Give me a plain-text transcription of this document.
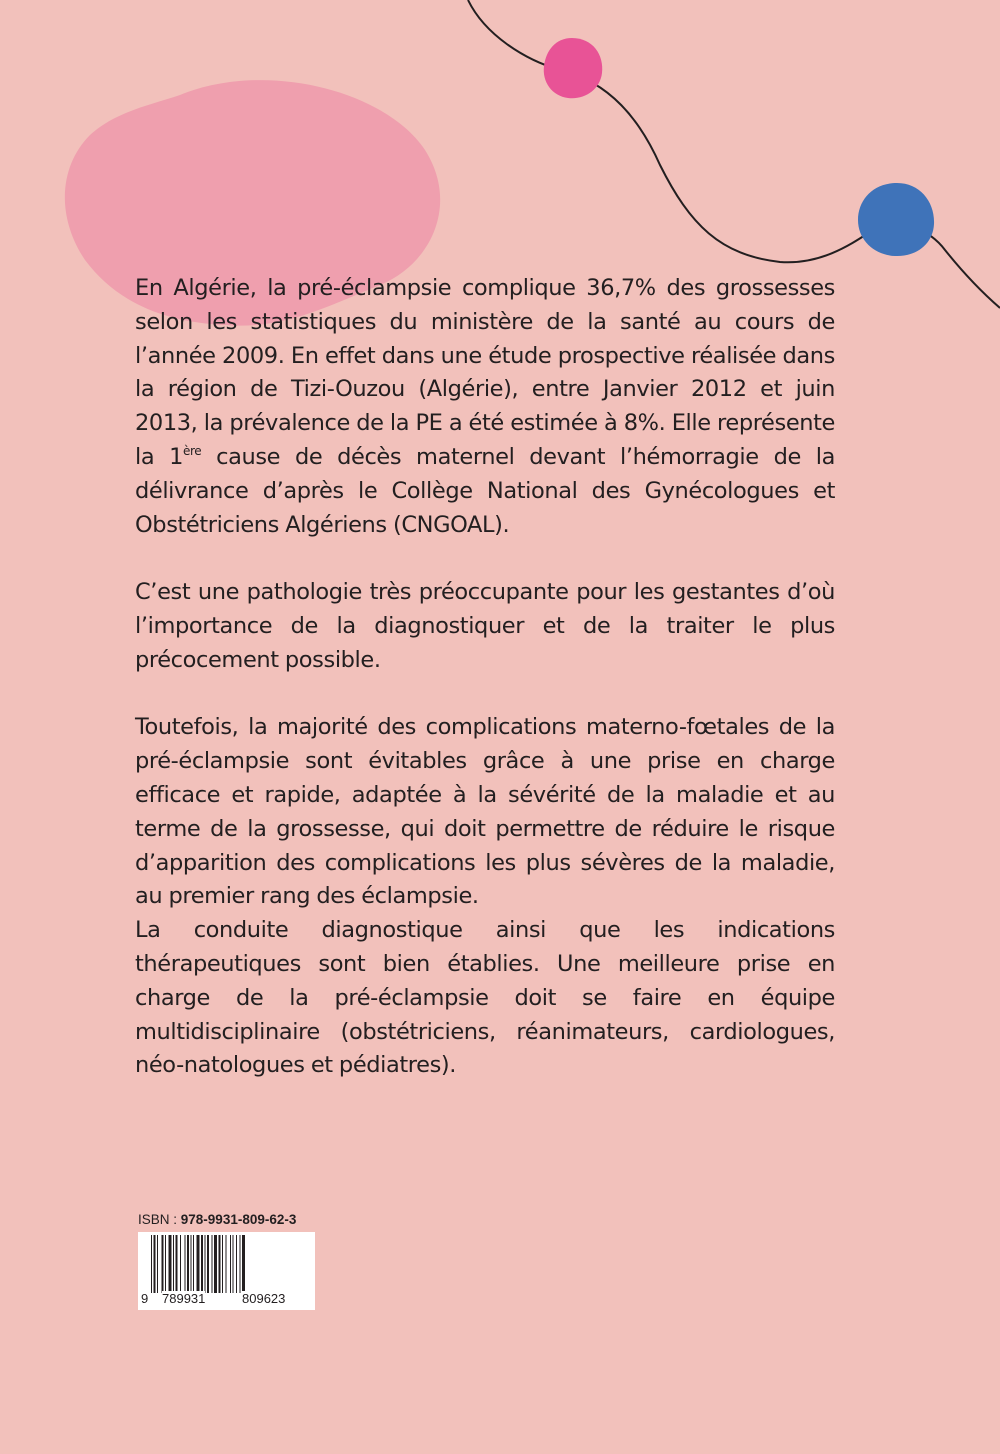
En Algérie, la pré-éclampsie complique 36,7% des grossesses selon les statistiques du ministère de la santé au cours de l’année 2009. En effet dans une étude prospective réalisée dans la région de Tizi-Ouzou (Algérie), entre Janvier 2012 et juin 2013, la prévalence de la PE a été estimée à 8%. Elle représente la 1ère cause de décès maternel devant l’hémorragie de la délivrance d’après le Collège National des Gynécologues et Obstétriciens Algériens (CNGOAL).

C’est une pathologie très préoccupante pour les gestantes d’où l’importance de la diagnostiquer et de la traiter le plus précocement possible.

Toutefois, la majorité des complications materno-fœtales de la pré-éclampsie sont évitables grâce à une prise en charge efficace et rapide, adaptée à la sévérité de la maladie et au terme de la grossesse, qui doit permettre de réduire le risque d’apparition des complications les plus sévères de la maladie, au premier rang des éclampsie.

La conduite diagnostique ainsi que les indications thérapeutiques sont bien établies. Une meilleure prise en charge de la pré-éclampsie doit se faire en équipe multidisciplinaire (obstétriciens, réanimateurs, cardiologues, néo-natologues et pédiatres).

ISBN : 978-9931-809-62-3
9 789931	809623
